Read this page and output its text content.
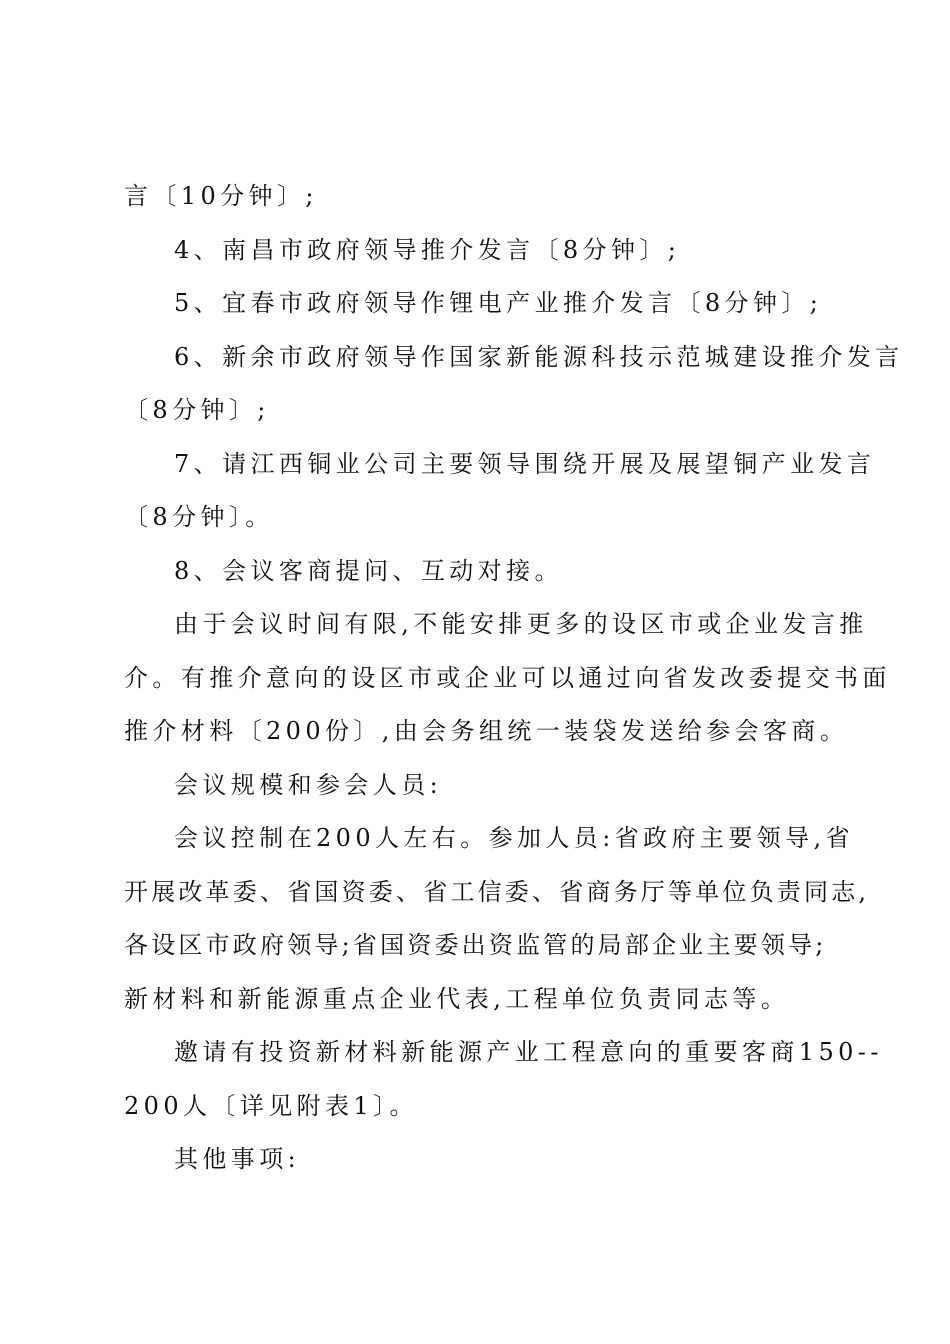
言〔10分钟〕;
4、南昌市政府领导推介发言〔8分钟〕;
5、宜春市政府领导作锂电产业推介发言〔8分钟〕;
6、新余市政府领导作国家新能源科技示范城建设推介发言
〔8分钟〕;
7、请江西铜业公司主要领导围绕开展及展望铜产业发言
〔8分钟〕。
8、会议客商提问、互动对接。
由于会议时间有限,不能安排更多的设区市或企业发言推
介。有推介意向的设区市或企业可以通过向省发改委提交书面
推介材料〔200份〕,由会务组统一装袋发送给参会客商。
会议规模和参会人员:
会议控制在200人左右。参加人员:省政府主要领导,省
开展改革委、省国资委、省工信委、省商务厅等单位负责同志,
各设区市政府领导;省国资委出资监管的局部企业主要领导;
新材料和新能源重点企业代表,工程单位负责同志等。
邀请有投资新材料新能源产业工程意向的重要客商150--
200人〔详见附表1〕。
其他事项:
